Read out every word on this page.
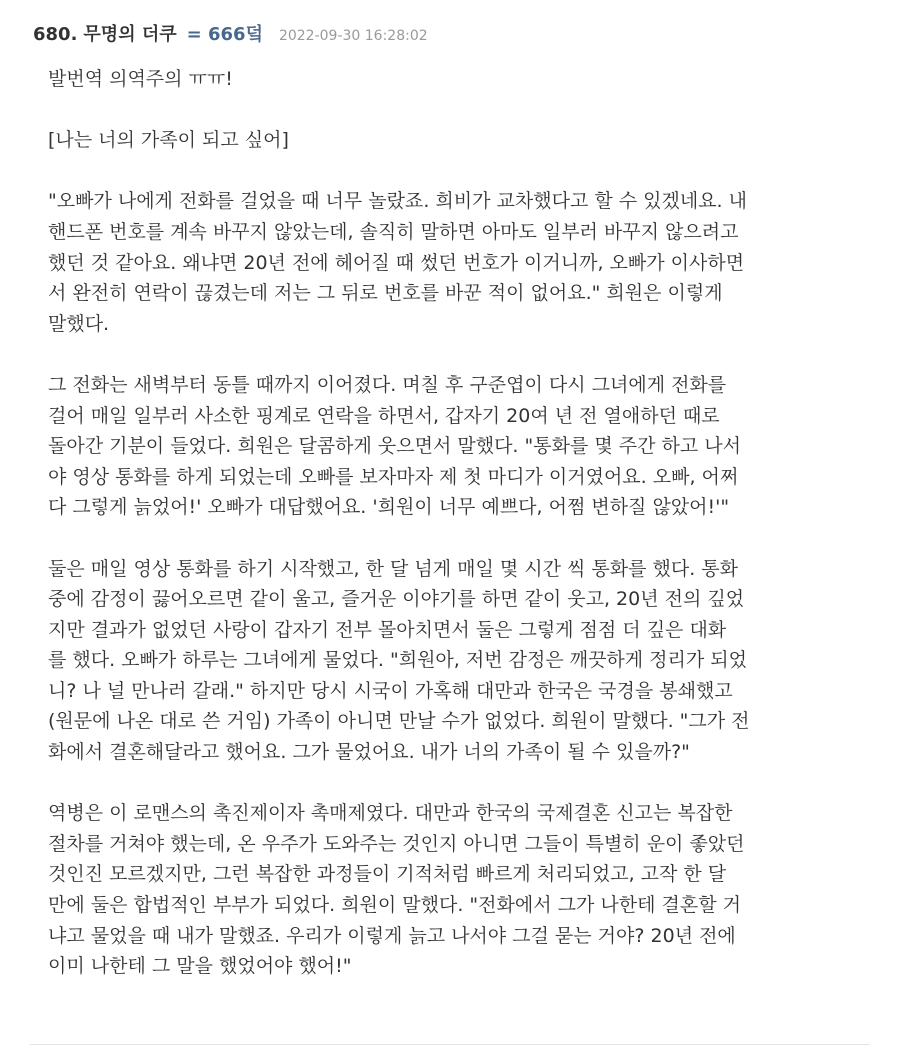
680. 무명의 더쿠 = 666덬 2022-09-30 16:28:02

발번역 의역주의 ㅠㅠ!

[나는 너의 가족이 되고 싶어]

"오빠가 나에게 전화를 걸었을 때 너무 놀랐죠. 희비가 교차했다고 할 수 있겠네요. 내
핸드폰 번호를 계속 바꾸지 않았는데, 솔직히 말하면 아마도 일부러 바꾸지 않으려고
했던 것 같아요. 왜냐면 20년 전에 헤어질 때 썼던 번호가 이거니까, 오빠가 이사하면
서 완전히 연락이 끊겼는데 저는 그 뒤로 번호를 바꾼 적이 없어요." 희원은 이렇게
말했다.

그 전화는 새벽부터 동틀 때까지 이어졌다. 며칠 후 구준엽이 다시 그녀에게 전화를
걸어 매일 일부러 사소한 핑계로 연락을 하면서, 갑자기 20여 년 전 열애하던 때로
돌아간 기분이 들었다. 희원은 달콤하게 웃으면서 말했다. "통화를 몇 주간 하고 나서
야 영상 통화를 하게 되었는데 오빠를 보자마자 제 첫 마디가 이거였어요. 오빠, 어쩌
다 그렇게 늙었어!' 오빠가 대답했어요. '희원이 너무 예쁘다, 어쩜 변하질 않았어!'"

둘은 매일 영상 통화를 하기 시작했고, 한 달 넘게 매일 몇 시간 씩 통화를 했다. 통화
중에 감정이 끓어오르면 같이 울고, 즐거운 이야기를 하면 같이 웃고, 20년 전의 깊었
지만 결과가 없었던 사랑이 갑자기 전부 몰아치면서 둘은 그렇게 점점 더 깊은 대화
를 했다. 오빠가 하루는 그녀에게 물었다. "희원아, 저번 감정은 깨끗하게 정리가 되었
니? 나 널 만나러 갈래." 하지만 당시 시국이 가혹해 대만과 한국은 국경을 봉쇄했고
(원문에 나온 대로 쓴 거임) 가족이 아니면 만날 수가 없었다. 희원이 말했다. "그가 전
화에서 결혼해달라고 했어요. 그가 물었어요. 내가 너의 가족이 될 수 있을까?"

역병은 이 로맨스의 촉진제이자 촉매제였다. 대만과 한국의 국제결혼 신고는 복잡한
절차를 거쳐야 했는데, 온 우주가 도와주는 것인지 아니면 그들이 특별히 운이 좋았던
것인진 모르겠지만, 그런 복잡한 과정들이 기적처럼 빠르게 처리되었고, 고작 한 달
만에 둘은 합법적인 부부가 되었다. 희원이 말했다. "전화에서 그가 나한테 결혼할 거
냐고 물었을 때 내가 말했죠. 우리가 이렇게 늙고 나서야 그걸 묻는 거야? 20년 전에
이미 나한테 그 말을 했었어야 했어!"
